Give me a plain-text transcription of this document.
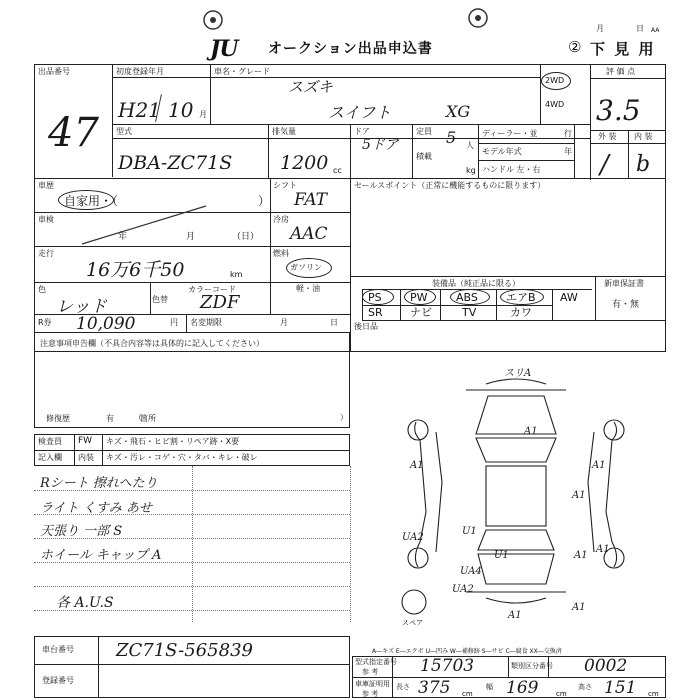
JU	オークション出品申込書
月	日 AA
② 下 見 用
出品番号
47
初度登録年月
H21 10 月
車名・グレード
スズキ
スイフト	XG
2WD
4WD
評 価 点
3.5
型式
DBA-ZC71S
排気量
1200 cc
ドア
5ドア
定員 5 人
積載
kg
ディーラー・並	行
モデル年式	年
ハンドル 左・右
外 装 内 装
/ b
車歴
自家用・（	）
シフト
FAT
セールスポイント（正常に機能するものに限ります）
車検
年	月	（日）
冷房
AAC
走行
16万6千50	km
燃料
ガソリン
軽・油
色
レッド	色替
カラーコード
ZDF
R券 10,090	円 名変期限	月	日 後日品
装備品（純正品に限る）	新車保証書
有・無
PS	PW	ABS	エアB AW
SR ナビ	TV	カワ
注意事項申告欄（不具合内容等は具体的に記入してください）
修復歴	有	箇所
（	）
検査員 FW キズ・飛石・ヒビ割・リペア跡・X要
記入欄 内装 キズ・汚レ・コゲ・穴・タバ・キレ・破レ
Rシート 擦れへたり
ライト くすみ あせ
天張り 一部 S
ホイール キャップ A
各 A.U.S
スリA
A1
A1	A1
A1
A1
A1
UA2
U1
U1
UA4
UA2
A1
A1
スペア
車台番号 ZC71S-565839
登録番号
A―キズ E―エクボ U―凹み W―補修跡 S―サビ C―腐食 XX―交換済
型式指定番号
参 考 15703	類別区分番号 0002
車庫証明用
参 考
長さ 375 cm
幅 169	cm
高さ 151 cm
